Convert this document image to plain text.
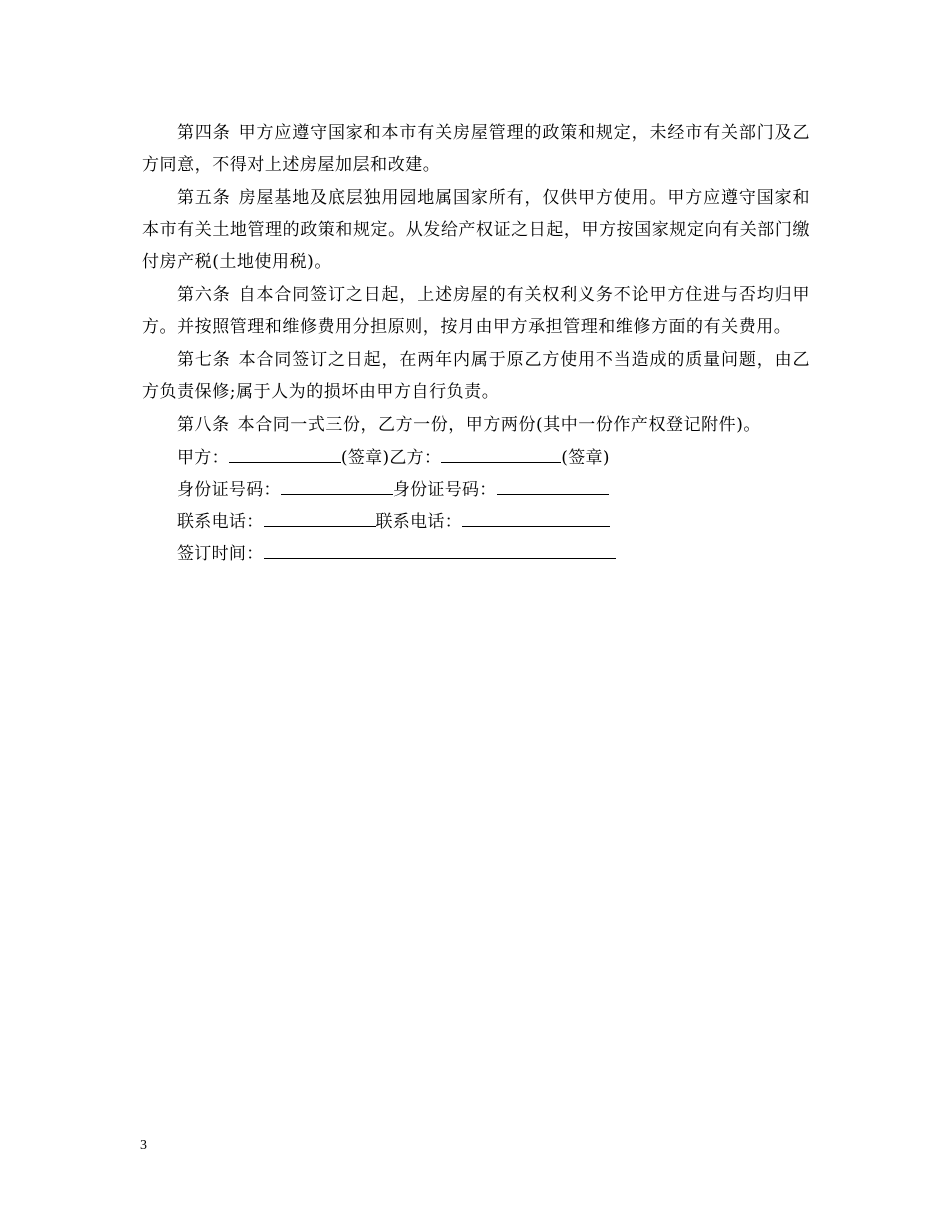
第四条 甲方应遵守国家和本市有关房屋管理的政策和规定，未经市有关部门及乙方同意，不得对上述房屋加层和改建。

第五条 房屋基地及底层独用园地属国家所有，仅供甲方使用。甲方应遵守国家和本市有关土地管理的政策和规定。从发给产权证之日起，甲方按国家规定向有关部门缴付房产税(土地使用税)。

第六条 自本合同签订之日起，上述房屋的有关权利义务不论甲方住进与否均归甲方。并按照管理和维修费用分担原则，按月由甲方承担管理和维修方面的有关费用。

第七条 本合同签订之日起，在两年内属于原乙方使用不当造成的质量问题，由乙方负责保修;属于人为的损坏由甲方自行负责。

第八条 本合同一式三份，乙方一份，甲方两份(其中一份作产权登记附件)。

甲方：	(签章)乙方：	(签章)

身份证号码：	身份证号码：

联系电话：	联系电话：

签订时间：

3
